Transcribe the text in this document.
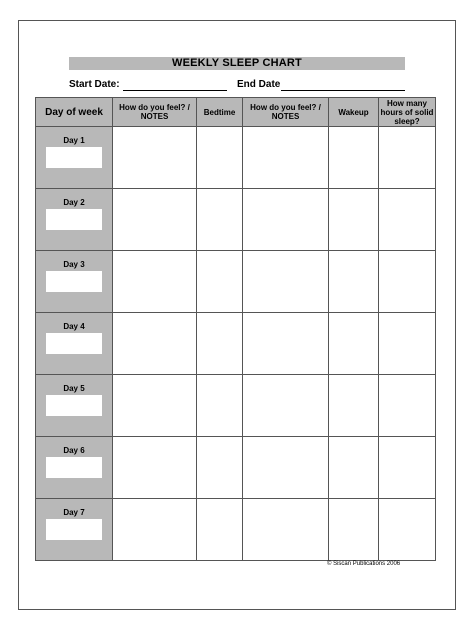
WEEKLY SLEEP CHART
Start Date:	End Date
Day of week	How do you feel? / NOTES	Bedtime	How do you feel? / NOTES	Wakeup	How many hours of solid sleep?

Day 1					

Day 2					

Day 3					

Day 4					

Day 5					

Day 6					

Day 7					

© Siscan Publications 2006
